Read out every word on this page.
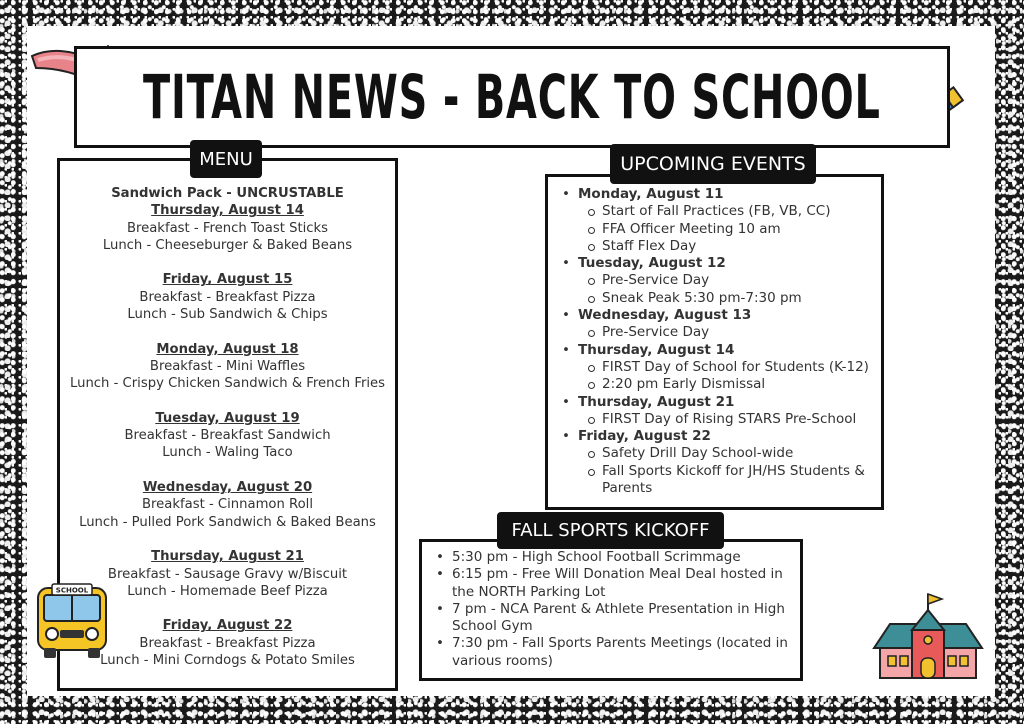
TITAN NEWS - BACK TO SCHOOL
Sandwich Pack - UNCRUSTABLE
Thursday, August 14
Breakfast - French Toast Sticks
Lunch - Cheeseburger & Baked Beans
Friday, August 15
Breakfast - Breakfast Pizza
Lunch - Sub Sandwich & Chips
Monday, August 18
Breakfast - Mini Waffles
Lunch - Crispy Chicken Sandwich & French Fries
Tuesday, August 19
Breakfast - Breakfast Sandwich
Lunch - Waling Taco
Wednesday, August 20
Breakfast - Cinnamon Roll
Lunch - Pulled Pork Sandwich & Baked Beans
Thursday, August 21
Breakfast - Sausage Gravy w/Biscuit
Lunch - Homemade Beef Pizza
Friday, August 22
Breakfast - Breakfast Pizza
Lunch - Mini Corndogs & Potato Smiles
MENU
• Monday, August 11
Start of Fall Practices (FB, VB, CC)
FFA Officer Meeting 10 am
Staff Flex Day
• Tuesday, August 12
Pre-Service Day
Sneak Peak 5:30 pm-7:30 pm
• Wednesday, August 13
Pre-Service Day
• Thursday, August 14
FIRST Day of School for Students (K-12)
2:20 pm Early Dismissal
• Thursday, August 21
FIRST Day of Rising STARS Pre-School
• Friday, August 22
Safety Drill Day School-wide
Fall Sports Kickoff for JH/HS Students & Parents
UPCOMING EVENTS
• 5:30 pm - High School Football Scrimmage
• 6:15 pm - Free Will Donation Meal Deal hosted in the NORTH Parking Lot
• 7 pm - NCA Parent & Athlete Presentation in High School Gym
• 7:30 pm - Fall Sports Parents Meetings (located in various rooms)
FALL SPORTS KICKOFF
SCHOOL
